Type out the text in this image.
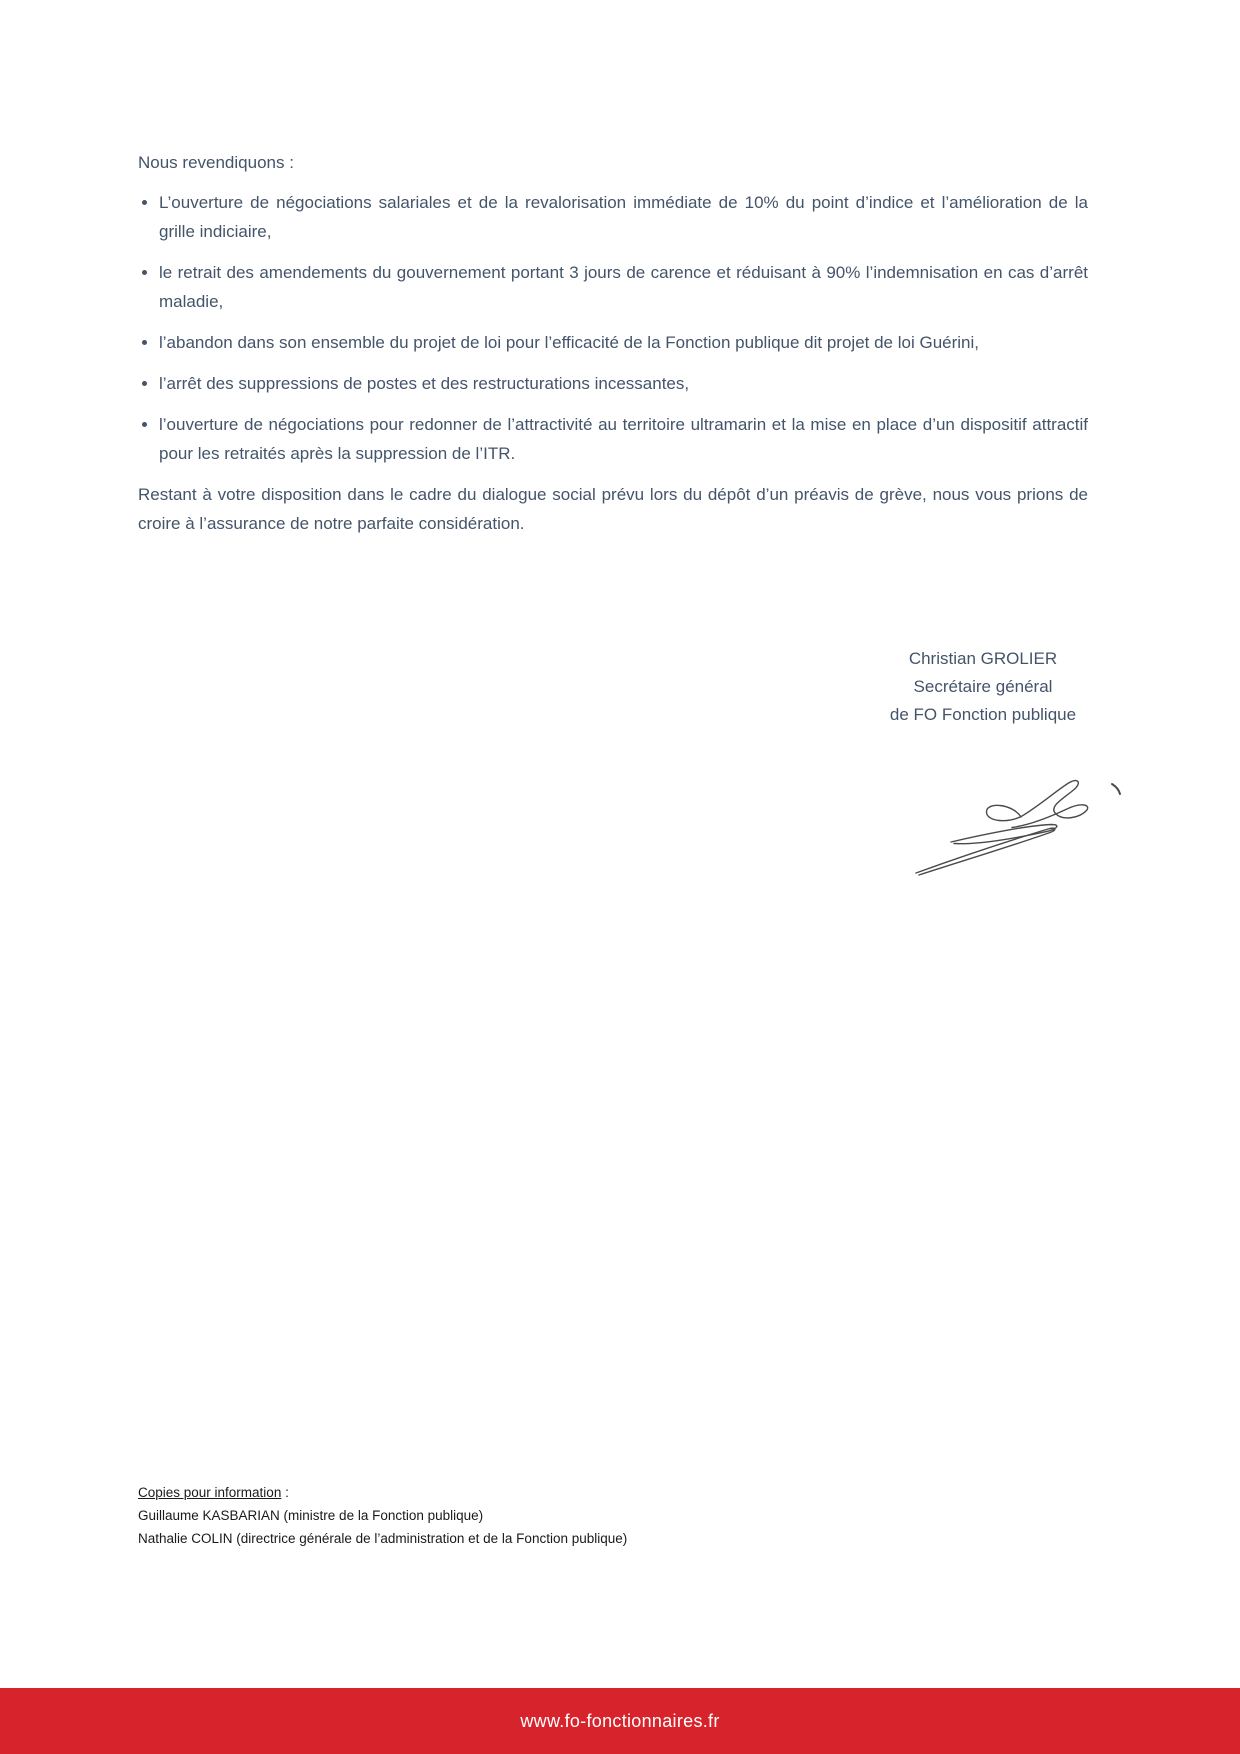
Nous revendiquons :

L’ouverture de négociations salariales et de la revalorisation immédiate de 10% du point d’indice et l’amélioration de la grille indiciaire,
le retrait des amendements du gouvernement portant 3 jours de carence et réduisant à 90% l’indemnisation en cas d’arrêt maladie,
l’abandon dans son ensemble du projet de loi pour l’efficacité de la Fonction publique dit projet de loi Guérini,
l’arrêt des suppressions de postes et des restructurations incessantes,
l’ouverture de négociations pour redonner de l’attractivité au territoire ultramarin et la mise en place d’un dispositif attractif pour les retraités après la suppression de l’ITR.

Restant à votre disposition dans le cadre du dialogue social prévu lors du dépôt d’un préavis de grève, nous vous prions de croire à l’assurance de notre parfaite considération.

Christian GROLIER
Secrétaire général
de FO Fonction publique
Copies pour information :
Guillaume KASBARIAN (ministre de la Fonction publique)
Nathalie COLIN (directrice générale de l’administration et de la Fonction publique)
www.fo-fonctionnaires.fr
